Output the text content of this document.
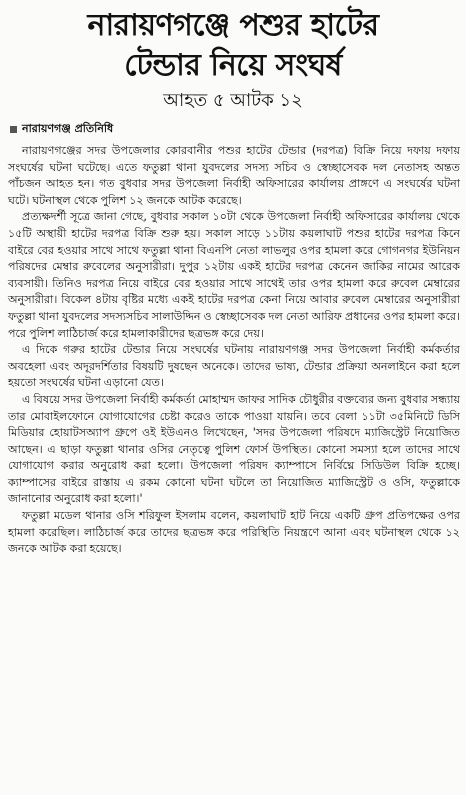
নারায়ণগঞ্জে পশুর হাটের
টেন্ডার নিয়ে সংঘর্ষ
আহত ৫ আটক ১২
নারায়ণগঞ্জ প্রতিনিধি

নারায়ণগঞ্জের সদর উপজেলার কোরবানীর পশুর হাটের টেন্ডার (দরপত্র) বিক্রি নিয়ে দফায় দফায় সংঘর্ষের ঘটনা ঘটেছে। এতে ফতুল্লা থানা যুবদলের সদস্য সচিব ও স্বেচ্ছাসেবক দল নেতাসহ অন্তত পাঁচজন আহত হন। গত বুধবার সদর উপজেলা নির্বাহী অফিসারের কার্যালয় প্রাঙ্গণে এ সংঘর্ষের ঘটনা ঘটে। ঘটনাস্থল থেকে পুলিশ ১২ জনকে আটক করেছে।

প্রত্যক্ষদর্শী সূত্রে জানা গেছে, বুধবার সকাল ১০টা থেকে উপজেলা নির্বাহী অফিসারের কার্যালয় থেকে ১৫টি অস্থায়ী হাটের দরপত্র বিক্রি শুরু হয়। সকাল সাড়ে ১১টায় কয়লাঘাট পশুর হাটের দরপত্র কিনে বাইরে বের হওয়ার সাথে সাথে ফতুল্লা থানা বিএনপি নেতা লাভলুর ওপর হামলা করে গোগনগর ইউনিয়ন পরিষদের মেম্বার রুবেলের অনুসারীরা। দুপুর ১২টায় একই হাটের দরপত্র কেনেন জাকির নামের আরেক ব্যবসায়ী। তিনিও দরপত্র নিয়ে বাইরে বের হওয়ার সাথে সাথেই তার ওপর হামলা করে রুবেল মেম্বারের অনুসারীরা। বিকেল ৪টায় বৃষ্টির মধ্যে একই হাটের দরপত্র কেনা নিয়ে আবার রুবেল মেম্বারের অনুসারীরা ফতুল্লা থানা যুবদলের সদস্যসচিব সালাউদ্দিন ও স্বেচ্ছাসেবক দল নেতা আরিফ প্রধানের ওপর হামলা করে। পরে পুলিশ লাঠিচার্জ করে হামলাকারীদের ছত্রভঙ্গ করে দেয়।

এ দিকে গরুর হাটের টেন্ডার নিয়ে সংঘর্ষের ঘটনায় নারায়ণগঞ্জ সদর উপজেলা নির্বাহী কর্মকর্তার অবহেলা এবং অদূরদর্শিতার বিষয়টি দুষছেন অনেকে। তাদের ভাষ্য, টেন্ডার প্রক্রিয়া অনলাইনে করা হলে হয়তো সংঘর্ষের ঘটনা এড়ানো যেত।

এ বিষয়ে সদর উপজেলা নির্বাহী কর্মকর্তা মোহাম্মদ জাফর সাদিক চৌধুরীর বক্তব্যের জন্য বুধবার সন্ধ্যায় তার মোবাইলফোনে যোগাযোগের চেষ্টা করেও তাকে পাওয়া যায়নি। তবে বেলা ১১টা ৩৫মিনিটে ডিসি মিডিয়ার হোয়াটসঅ্যাপ গ্রুপে ওই ইউএনও লিখেছেন, 'সদর উপজেলা পরিষদে ম্যাজিস্ট্রেট নিয়োজিত আছেন। এ ছাড়া ফতুল্লা থানার ওসির নেতৃত্বে পুলিশ ফোর্স উপস্থিত। কোনো সমস্যা হলে তাদের সাথে যোগাযোগ করার অনুরোধ করা হলো। উপজেলা পরিষদ ক্যাম্পাসে নির্বিঘ্নে সিডিউল বিক্রি হচ্ছে। ক্যাম্পাসের বাইরে রাস্তায় এ রকম কোনো ঘটনা ঘটলে তা নিয়োজিত ম্যাজিস্ট্রেট ও ওসি, ফতুল্লাকে জানানোর অনুরোধ করা হলো।'

ফতুল্লা মডেল থানার ওসি শরিফুল ইসলাম বলেন, কয়লাঘাট হাট নিয়ে একটি গ্রুপ প্রতিপক্ষের ওপর হামলা করেছিল। লাঠিচার্জ করে তাদের ছত্রভঙ্গ করে পরিস্থিতি নিয়ন্ত্রণে আনা এবং ঘটনাস্থল থেকে ১২ জনকে আটক করা হয়েছে।
